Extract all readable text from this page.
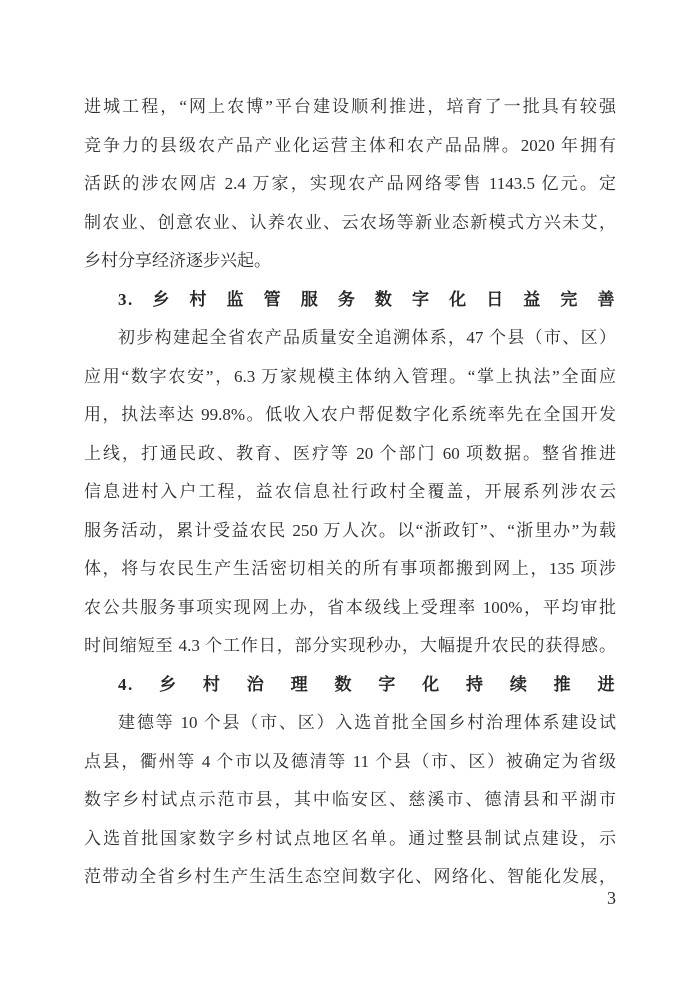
进城工程，“网上农博”平台建设顺利推进，培育了一批具有较强
竞争力的县级农产品产业化运营主体和农产品品牌。2020 年拥有
活跃的涉农网店 2.4 万家，实现农产品网络零售 1143.5 亿元。定
制农业、创意农业、认养农业、云农场等新业态新模式方兴未艾，
乡村分享经济逐步兴起。
3.乡村监管服务数字化日益完善
初步构建起全省农产品质量安全追溯体系，47 个县（市、区）
应用“数字农安”，6.3 万家规模主体纳入管理。“掌上执法”全面应
用，执法率达 99.8%。低收入农户帮促数字化系统率先在全国开发
上线，打通民政、教育、医疗等 20 个部门 60 项数据。整省推进
信息进村入户工程，益农信息社行政村全覆盖，开展系列涉农云
服务活动，累计受益农民 250 万人次。以“浙政钉”、“浙里办”为载
体，将与农民生产生活密切相关的所有事项都搬到网上，135 项涉
农公共服务事项实现网上办，省本级线上受理率 100%，平均审批
时间缩短至 4.3 个工作日，部分实现秒办，大幅提升农民的获得感。
4.乡村治理数字化持续推进
建德等 10 个县（市、区）入选首批全国乡村治理体系建设试
点县，衢州等 4 个市以及德清等 11 个县（市、区）被确定为省级
数字乡村试点示范市县，其中临安区、慈溪市、德清县和平湖市
入选首批国家数字乡村试点地区名单。通过整县制试点建设，示
范带动全省乡村生产生活生态空间数字化、网络化、智能化发展，
3
